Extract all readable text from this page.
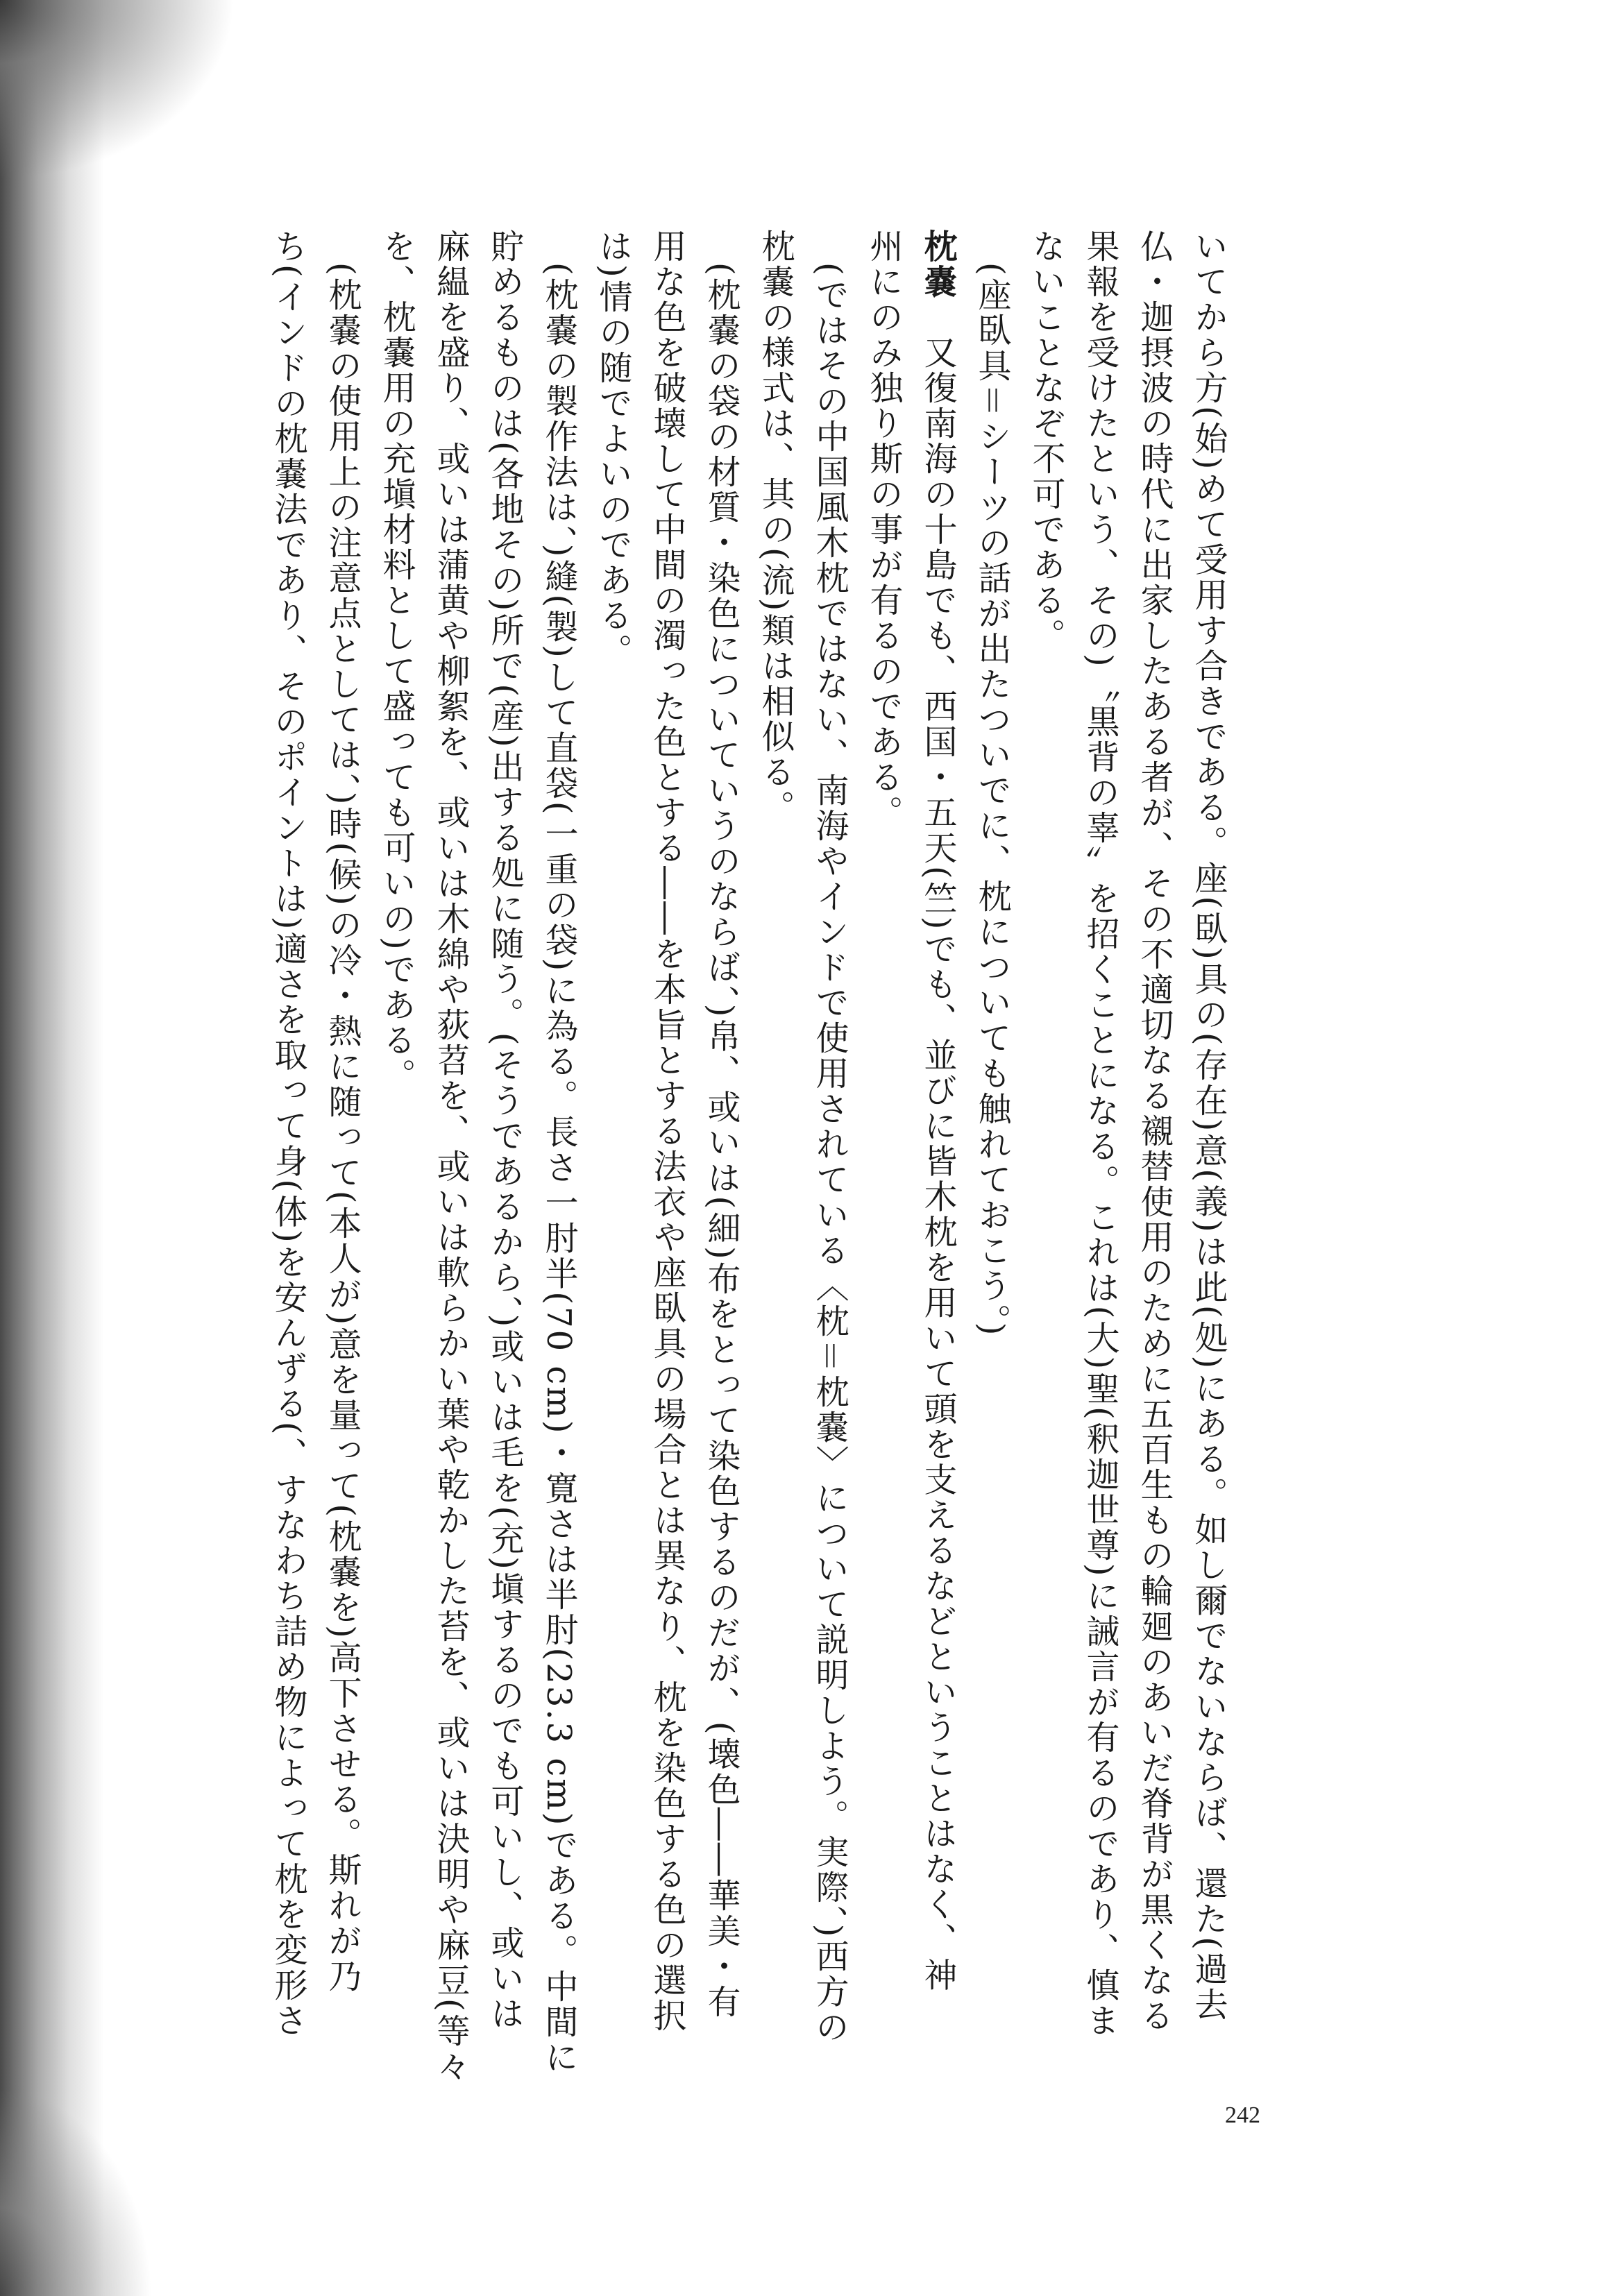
いてから方(始)めて受用す合きである。座(臥)具の(存在)意(義)は此(処)にある。如し爾でないならば、還た(過去
仏・迦摂波の時代に出家したある者が、その不適切なる襯替使用のために五百生もの輪廻のあいだ脊背が黒くなる
果報を受けたという、その)〝黒背の辜〟を招くことになる。これは(大)聖(釈迦世尊)に誡言が有るのであり、慎ま
ないことなぞ不可である。
(座臥具＝シーツの話が出たついでに、枕についても触れておこう。)
枕嚢　又復南海の十島でも、西国・五天(竺)でも、並びに皆木枕を用いて頭を支えるなどということはなく、神
州にのみ独り斯の事が有るのである。
(ではその中国風木枕ではない、南海やインドで使用されている〈枕＝枕嚢〉について説明しよう。実際、)西方の
枕嚢の様式は、其の(流)類は相似る。
(枕嚢の袋の材質・染色についていうのならば、)帛、或いは(細)布をとって染色するのだが、(壊色――華美・有
用な色を破壊して中間の濁った色とする――を本旨とする法衣や座臥具の場合とは異なり、枕を染色する色の選択
は)情の随でよいのである。
(枕嚢の製作法は、)縫(製)して直袋(一重の袋)に為る。長さ一肘半(70 cm)・寛さは半肘(23.3 cm)である。中間に
貯めるものは(各地その)所で(産)出する処に随う。(そうであるから、)或いは毛を(充)塡するのでも可いし、或いは
麻緼を盛り、或いは蒲黄や柳絮を、或いは木綿や荻苕を、或いは軟らかい葉や乾かした苔を、或いは決明や麻豆(等々
を、枕嚢用の充塡材料として盛っても可いの)である。
(枕嚢の使用上の注意点としては、)時(候)の冷・熱に随って(本人が)意を量って(枕嚢を)高下させる。斯れが乃
ち(インドの枕嚢法であり、そのポイントは)適さを取って身(体)を安んずる(、すなわち詰め物によって枕を変形さ
242
